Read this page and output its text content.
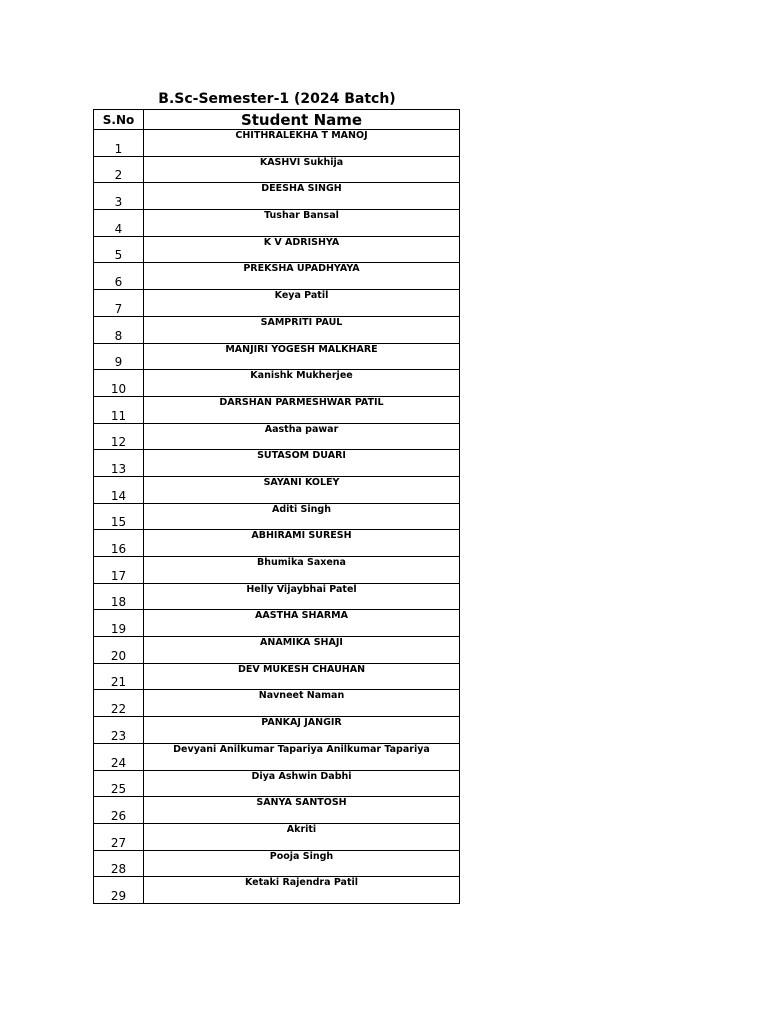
B.Sc-Semester-1 (2024 Batch)
S.No	Student Name
1	CHITHRALEKHA T MANOJ
2	KASHVI Sukhija
3	DEESHA SINGH
4	Tushar Bansal
5	K V ADRISHYA
6	PREKSHA UPADHYAYA
7	Keya Patil
8	SAMPRITI PAUL
9	MANJIRI YOGESH MALKHARE
10	Kanishk Mukherjee
11	DARSHAN PARMESHWAR PATIL
12	Aastha pawar
13	SUTASOM DUARI
14	SAYANI KOLEY
15	Aditi Singh
16	ABHIRAMI SURESH
17	Bhumika Saxena
18	Helly Vijaybhai Patel
19	AASTHA SHARMA
20	ANAMIKA SHAJI
21	DEV MUKESH CHAUHAN
22	Navneet Naman
23	PANKAJ JANGIR
24	Devyani Anilkumar Tapariya Anilkumar Tapariya
25	Diya Ashwin Dabhi
26	SANYA SANTOSH
27	Akriti
28	Pooja Singh
29	Ketaki Rajendra Patil
